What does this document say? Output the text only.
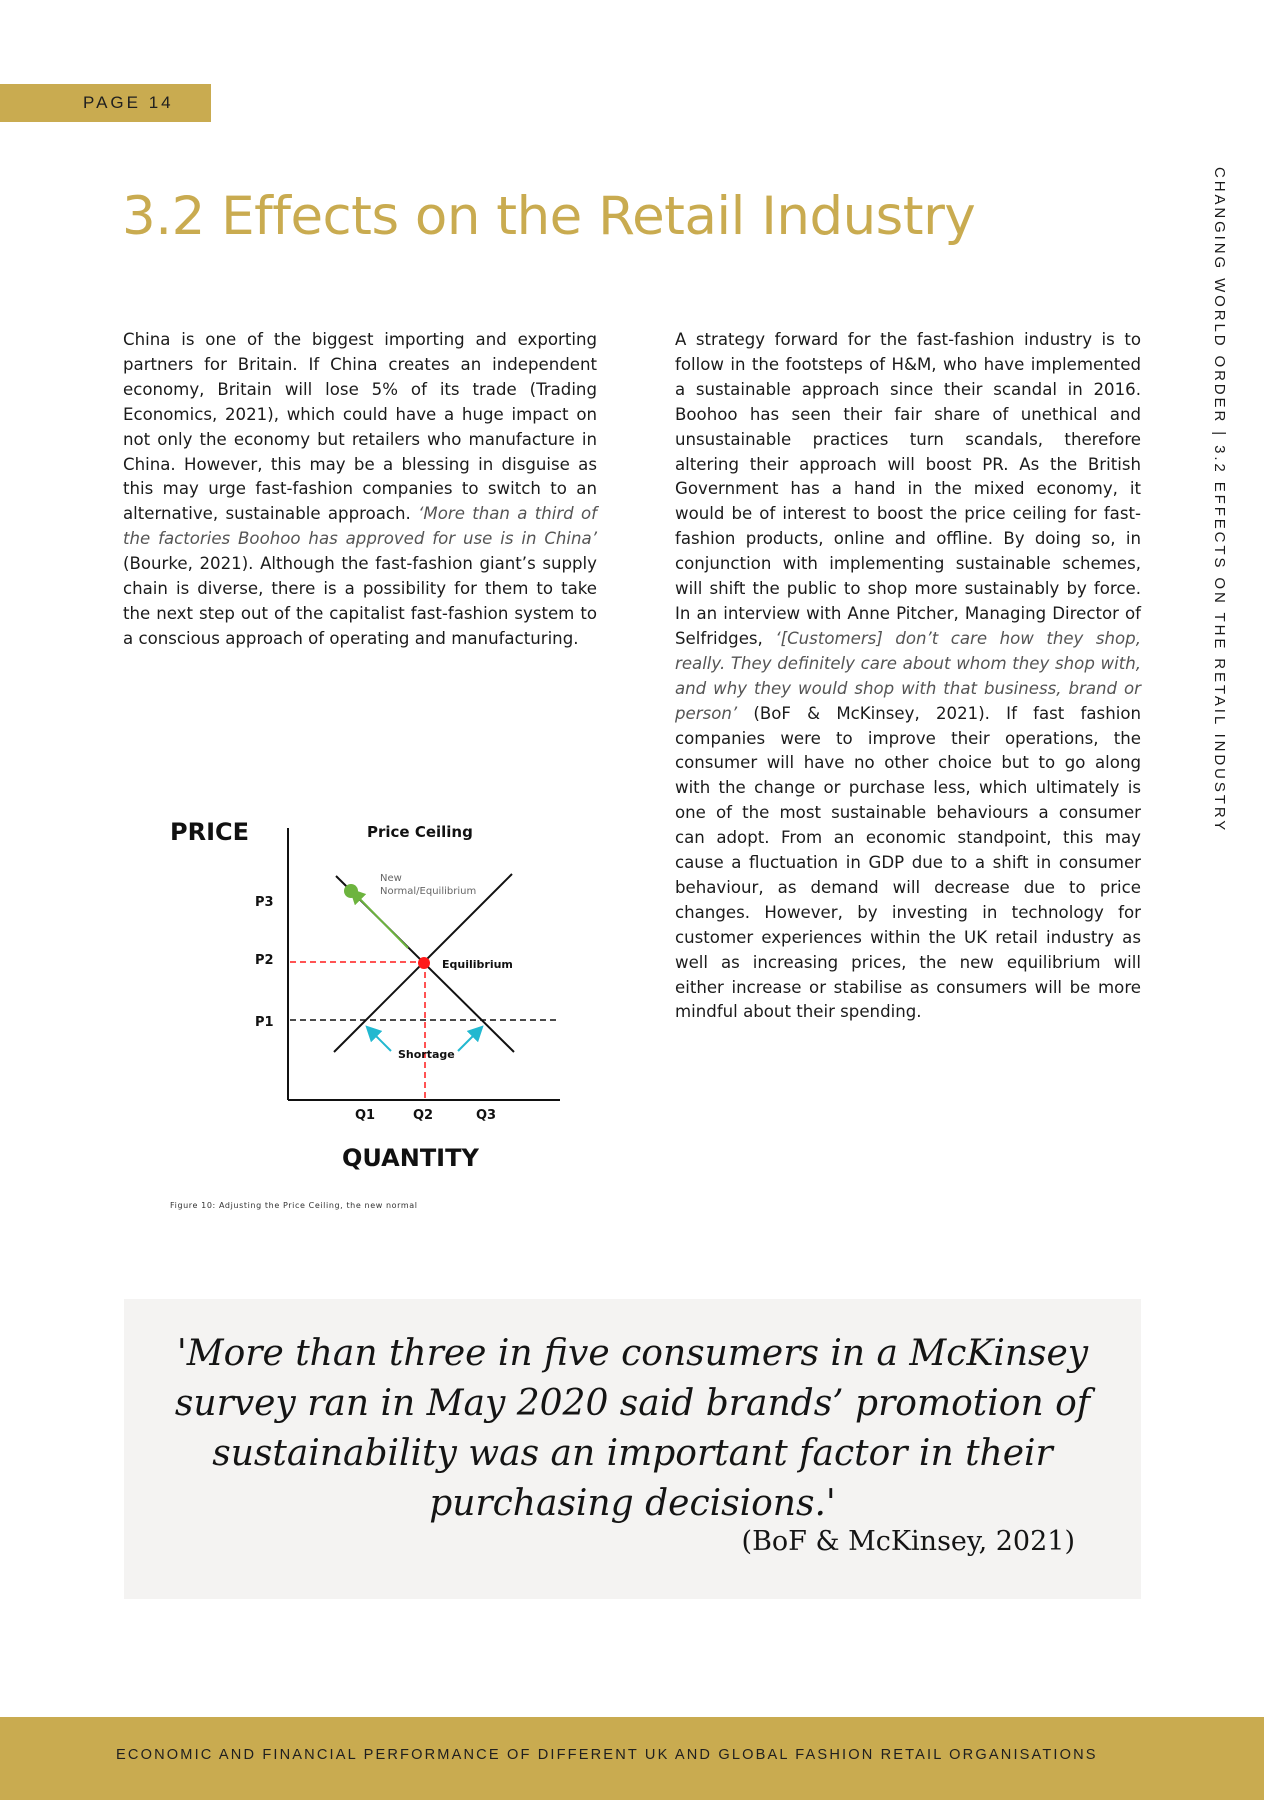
PAGE 14
CHANGING WORLD ORDER | 3.2 EFFECTS ON THE RETAIL INDUSTRY
3.2 Effects on the Retail Industry

China is one of the biggest importing and exporting partners for Britain. If China creates an independent economy, Britain will lose 5% of its trade (Trading Economics, 2021), which could have a huge impact on not only the economy but retailers who manufacture in China. However, this may be a blessing in disguise as this may urge fast-fashion companies to switch to an alternative, sustainable approach. ‘More than a third of the factories Boohoo has approved for use is in China’ (Bourke, 2021). Although the fast-fashion giant’s supply chain is diverse, there is a possibility for them to take the next step out of the capitalist fast-fashion system to a conscious approach of operating and manufacturing.

A strategy forward for the fast-fashion industry is to follow in the footsteps of H&M, who have implemented a sustainable approach since their scandal in 2016. Boohoo has seen their fair share of unethical and unsustainable practices turn scandals, therefore altering their approach will boost PR. As the British Government has a hand in the mixed economy, it would be of interest to boost the price ceiling for fast-fashion products, online and offline. By doing so, in conjunction with implementing sustainable schemes, will shift the public to shop more sustainably by force. In an interview with Anne Pitcher, Managing Director of Selfridges, ‘[Customers] don’t care how they shop, really. They definitely care about whom they shop with, and why they would shop with that business, brand or person’ (BoF & McKinsey, 2021). If fast fashion companies were to improve their operations, the consumer will have no other choice but to go along with the change or purchase less, which ultimately is one of the most sustainable behaviours a consumer can adopt. From an economic standpoint, this may cause a fluctuation in GDP due to a shift in consumer behaviour, as demand will decrease due to price changes. However, by investing in technology for customer experiences within the UK retail industry as well as increasing prices, the new equilibrium will either increase or stabilise as consumers will be more mindful about their spending.

PRICE
QUANTITY
Price Ceiling
P3
P2
P1
Q1	Q2	Q3
New
Normal/Equilibrium
Equilibrium
Shortage

Figure 10: Adjusting the Price Ceiling, the new normal

'More than three in five consumers in a McKinsey
survey ran in May 2020 said brands’ promotion of
sustainability was an important factor in their
purchasing decisions.'

(BoF & McKinsey, 2021)

ECONOMIC AND FINANCIAL PERFORMANCE OF DIFFERENT UK AND GLOBAL FASHION RETAIL ORGANISATIONS
